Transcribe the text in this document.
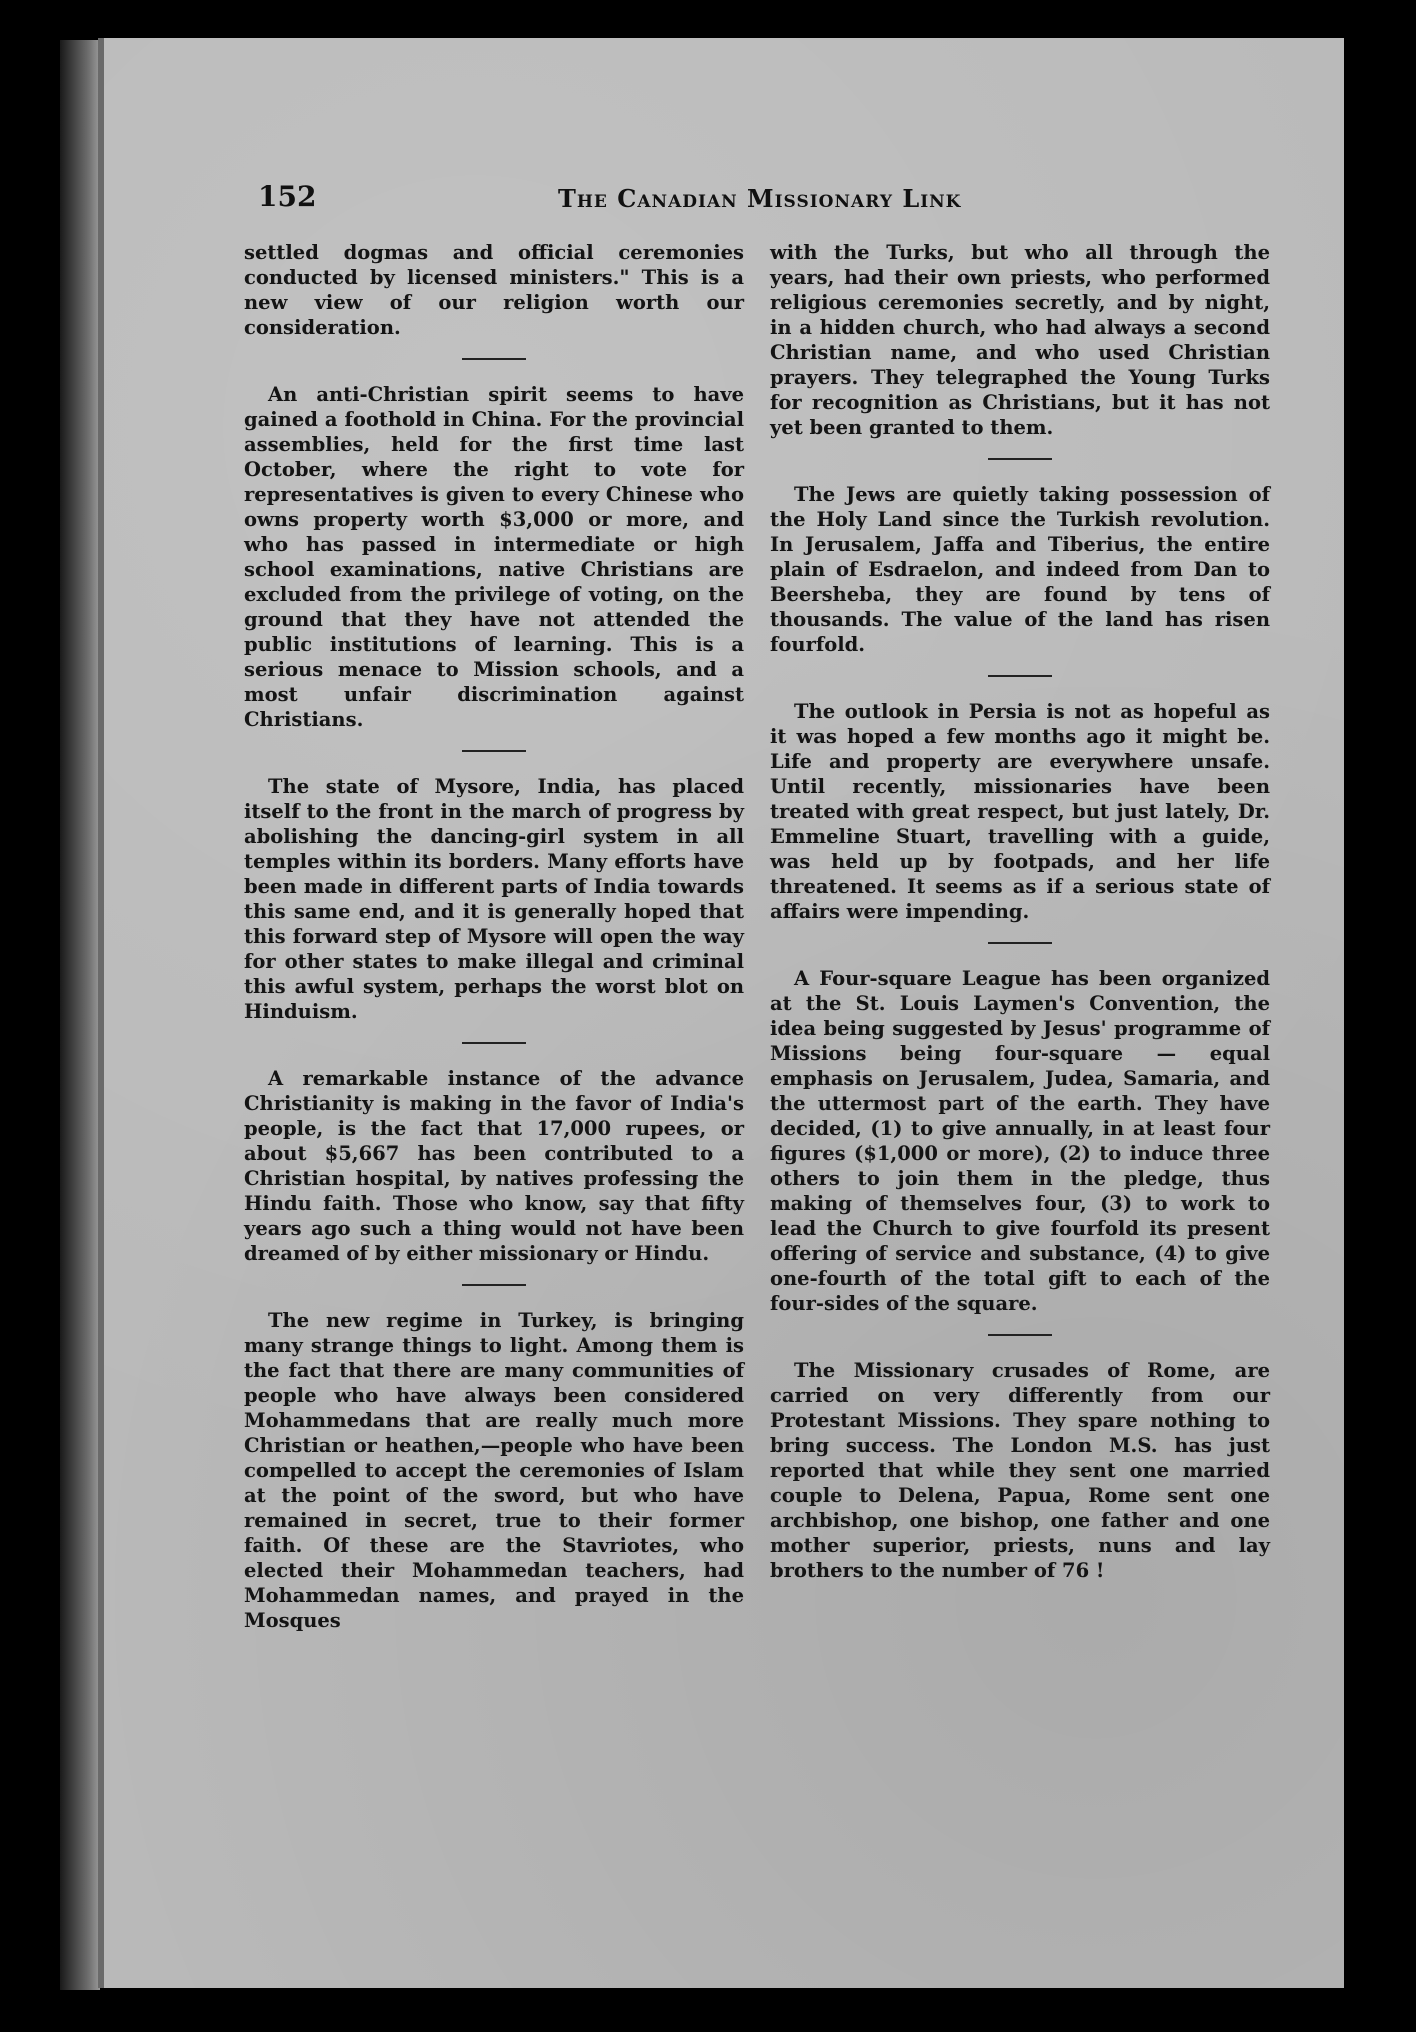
152	The Canadian Missionary Link

settled dogmas and official ceremonies conducted by licensed ministers." This is a new view of our religion worth our consideration.

An anti-Christian spirit seems to have gained a foothold in China. For the provincial assemblies, held for the first time last October, where the right to vote for representatives is given to every Chinese who owns property worth $3,000 or more, and who has passed in intermediate or high school examinations, native Christians are excluded from the privilege of voting, on the ground that they have not attended the public institutions of learning. This is a serious menace to Mission schools, and a most unfair discrimination against Christians.

The state of Mysore, India, has placed itself to the front in the march of progress by abolishing the dancing-girl system in all temples within its borders. Many efforts have been made in different parts of India towards this same end, and it is generally hoped that this forward step of Mysore will open the way for other states to make illegal and criminal this awful system, perhaps the worst blot on Hinduism.

A remarkable instance of the advance Christianity is making in the favor of India's people, is the fact that 17,000 rupees, or about $5,667 has been contributed to a Christian hospital, by natives professing the Hindu faith. Those who know, say that fifty years ago such a thing would not have been dreamed of by either missionary or Hindu.

The new regime in Turkey, is bringing many strange things to light. Among them is the fact that there are many communities of people who have always been considered Mohammedans that are really much more Christian or heathen,—people who have been compelled to accept the ceremonies of Islam at the point of the sword, but who have remained in secret, true to their former faith. Of these are the Stavriotes, who elected their Mohammedan teachers, had Mohammedan names, and prayed in the Mosques

with the Turks, but who all through the years, had their own priests, who performed religious ceremonies secretly, and by night, in a hidden church, who had always a second Christian name, and who used Christian prayers. They telegraphed the Young Turks for recognition as Christians, but it has not yet been granted to them.

The Jews are quietly taking possession of the Holy Land since the Turkish revolution. In Jerusalem, Jaffa and Tiberius, the entire plain of Esdraelon, and indeed from Dan to Beersheba, they are found by tens of thousands. The value of the land has risen fourfold.

The outlook in Persia is not as hopeful as it was hoped a few months ago it might be. Life and property are everywhere unsafe. Until recently, missionaries have been treated with great respect, but just lately, Dr. Emmeline Stuart, travelling with a guide, was held up by footpads, and her life threatened. It seems as if a serious state of affairs were impending.

A Four-square League has been organized at the St. Louis Laymen's Convention, the idea being suggested by Jesus' programme of Missions being four-square — equal emphasis on Jerusalem, Judea, Samaria, and the uttermost part of the earth. They have decided, (1) to give annually, in at least four figures ($1,000 or more), (2) to induce three others to join them in the pledge, thus making of themselves four, (3) to work to lead the Church to give fourfold its present offering of service and substance, (4) to give one-fourth of the total gift to each of the four-sides of the square.

The Missionary crusades of Rome, are carried on very differently from our Protestant Missions. They spare nothing to bring success. The London M.S. has just reported that while they sent one married couple to Delena, Papua, Rome sent one archbishop, one bishop, one father and one mother superior, priests, nuns and lay brothers to the number of 76 !
